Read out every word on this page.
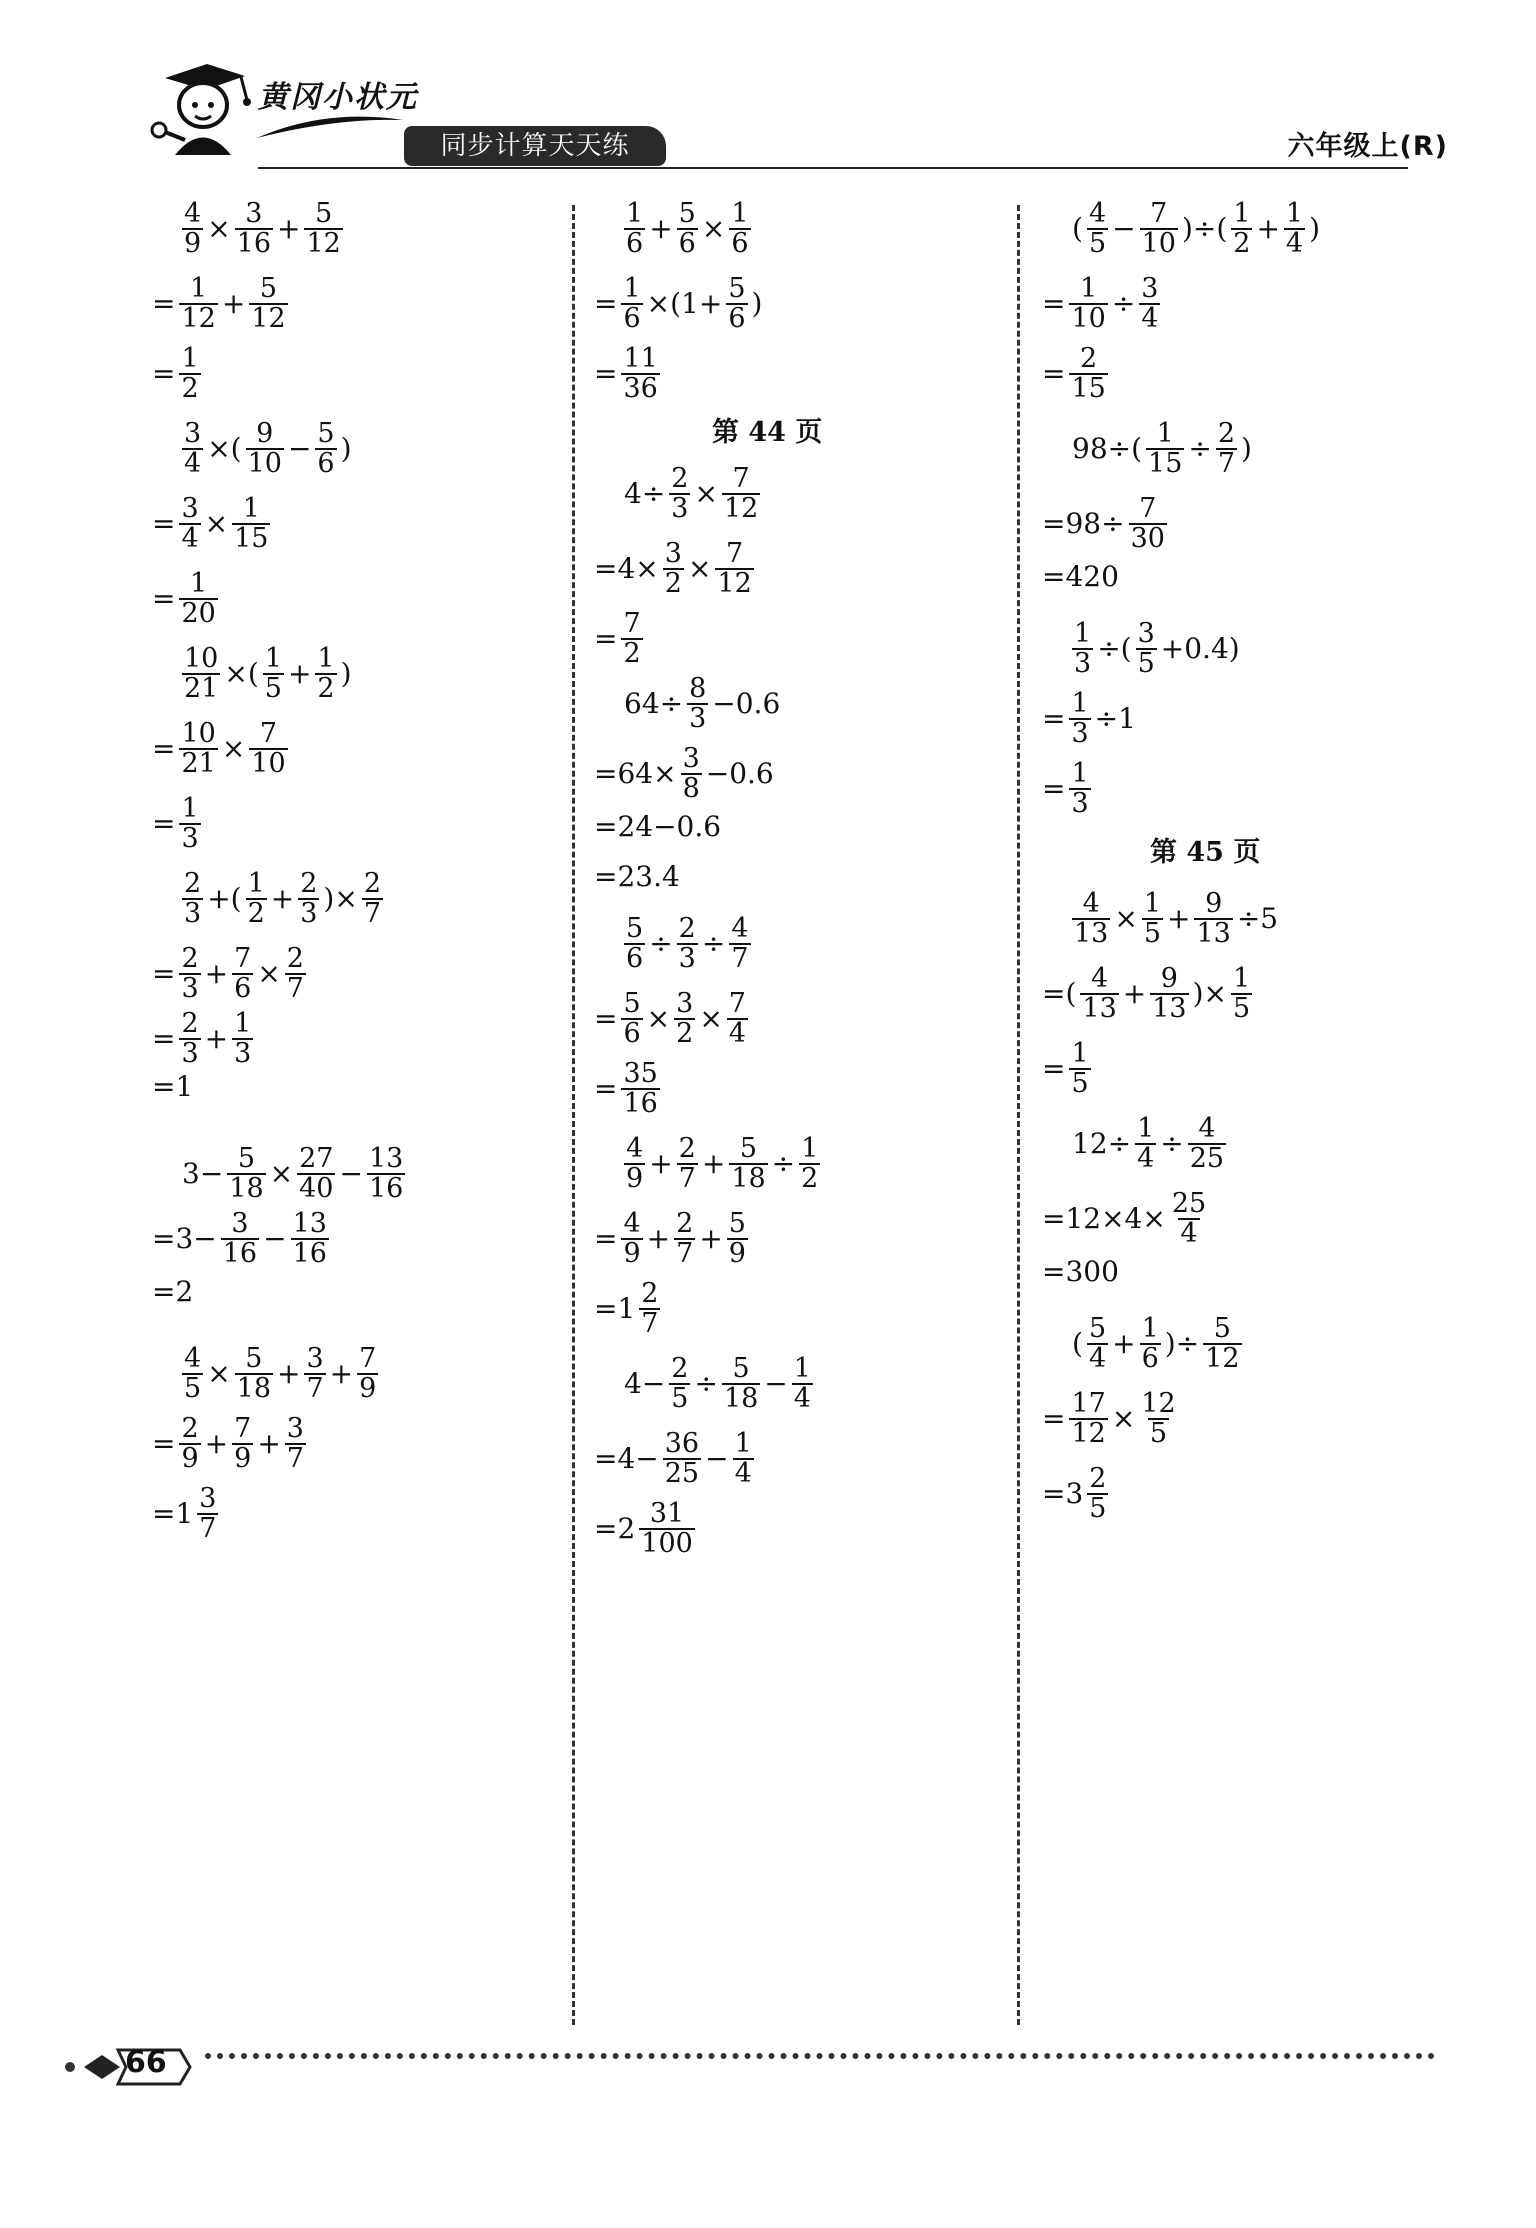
黄冈小状元
同步计算天天练	六年级上(R)
$\frac{4}{9} \times \frac{3}{16} + \frac{5}{12}$
= $\frac{1}{12} + \frac{5}{12}$
= $\frac{1}{2}$
$\frac{3}{4}$ ×( $\frac{9}{10} - \frac{5}{6}$ )
= $\frac{3}{4} \times \frac{1}{15}$
= $\frac{1}{20}$
$\frac{10}{21}$ ×( $\frac{1}{5} + \frac{1}{2}$ )
= $\frac{10}{21} \times \frac{7}{10}$
= $\frac{1}{3}$
$\frac{2}{3}$ +( $\frac{1}{2} + \frac{2}{3}$ )× $\frac{2}{7}$
= $\frac{2}{3} + \frac{7}{6} \times \frac{2}{7}$
= $\frac{2}{3} + \frac{1}{3}$
=1
$3- \frac{5}{18} \times \frac{27}{40} - \frac{13}{16}$
$=3- \frac{3}{16} - \frac{13}{16}$
=2
$\frac{4}{5} \times \frac{5}{18} + \frac{3}{7} + \frac{7}{9}$
= $\frac{2}{9} + \frac{7}{9} + \frac{3}{7}$
$=1 \frac{3}{7}$
$\frac{1}{6} + \frac{5}{6} \times \frac{1}{6}$
= $\frac{1}{6} \times(1+ \frac{5}{6}$ )
= $\frac{11}{36}$
第 44 页
$4\div \frac{2}{3} \times \frac{7}{12}$
$=4\times \frac{3}{2} \times \frac{7}{12}$
= $\frac{7}{2}$
$64\div \frac{8}{3} -0.6$
$=64\times \frac{3}{8} -0.6$
=24−0.6
=23.4
$\frac{5}{6} \div \frac{2}{3} \div \frac{4}{7}$
= $\frac{5}{6} \times \frac{3}{2} \times \frac{7}{4}$
= $\frac{35}{16}$
$\frac{4}{9} + \frac{2}{7} + \frac{5}{18} \div \frac{1}{2}$
= $\frac{4}{9} + \frac{2}{7} + \frac{5}{9}$
$=1 \frac{2}{7}$
$4- \frac{2}{5} \div \frac{5}{18} - \frac{1}{4}$
$=4- \frac{36}{25} - \frac{1}{4}$
$=2 \frac{31}{100}$
( $\frac{4}{5} - \frac{7}{10}$ )÷( $\frac{1}{2} + \frac{1}{4}$ )
= $\frac{1}{10} \div \frac{3}{4}$
= $\frac{2}{15}$
$98\div( \frac{1}{15} \div \frac{2}{7}$ )
$=98\div \frac{7}{30}$
=420
$\frac{1}{3}$ ÷( $\frac{3}{5} +0.4$)
= $\frac{1}{3} \div 1$
= $\frac{1}{3}$
第 45 页
$\frac{4}{13} \times \frac{1}{5} + \frac{9}{13} \div 5$
=( $\frac{4}{13} + \frac{9}{13}$ )× $\frac{1}{5}$
= $\frac{1}{5}$
$12\div \frac{1}{4} \div \frac{4}{25}$
$=12\times 4\times \frac{25}{4}$
=300
( $\frac{5}{4} + \frac{1}{6}$ )÷ $\frac{5}{12}$
= $\frac{17}{12} \times \frac{12}{5}$
$=3 \frac{2}{5}$
66
